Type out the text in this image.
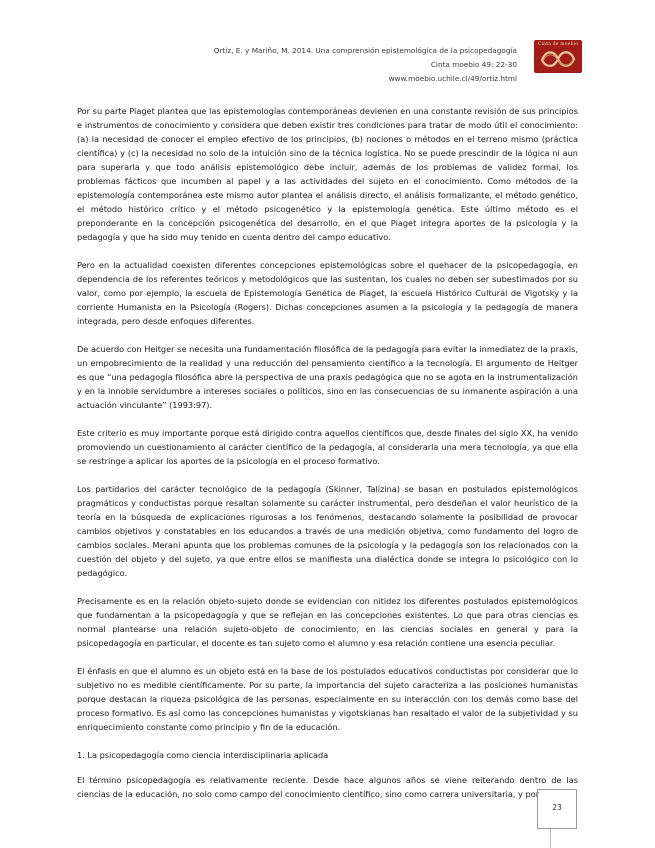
Ortiz, E. y Mariño, M. 2014. Una comprensión epistemológica de la psicopedagogía
Cinta moebio 49: 22-30
www.moebio.uchile.cl/49/ortiz.html
Cinta de moebio

Por su parte Piaget plantea que las epistemologías contemporáneas devienen en una constante revisión de sus principios e instrumentos de conocimiento y considera que deben existir tres condiciones para tratar de modo útil el conocimiento: (a) la necesidad de conocer el empleo efectivo de los principios, (b) nociones o métodos en el terreno mismo (práctica científica) y (c) la necesidad no solo de la intuición sino de la técnica logística. No se puede prescindir de la lógica ni aun para superarla y que todo análisis epistemológico debe incluir, además de los problemas de validez formal, los problemas fácticos que incumben al papel y a las actividades del sujeto en el conocimiento. Como métodos de la epistemología contemporánea este mismo autor plantea el análisis directo, el análisis formalizante, el método genético, el método histórico crítico y el método psicogenético y la epistemología genética. Este último método es el preponderante en la concepción psicogenética del desarrollo, en el que Piaget integra aportes de la psicología y la pedagogía y que ha sido muy tenido en cuenta dentro del campo educativo.

Pero en la actualidad coexisten diferentes concepciones epistemológicas sobre el quehacer de la psicopedagogía, en dependencia de los referentes teóricos y metodológicos que las sustentan, los cuales no deben ser subestimados por su valor, como por ejemplo, la escuela de Epistemología Genética de Piaget, la escuela Histórico Cultural de Vigotsky y la corriente Humanista en la Psicología (Rogers). Dichas concepciones asumen a la psicología y la pedagogía de manera integrada, pero desde enfoques diferentes.

De acuerdo con Heitger se necesita una fundamentación filosófica de la pedagogía para evitar la inmediatez de la praxis, un empobrecimiento de la realidad y una reducción del pensamiento científico a la tecnología. El argumento de Heitger es que “una pedagogía filosófica abre la perspectiva de una praxis pedagógica que no se agota en la instrumentalización y en la innoble servidumbre a intereses sociales o políticos, sino en las consecuencias de su inmanente aspiración a una actuación vinculante” (1993:97).

Este criterio es muy importante porque está dirigido contra aquellos científicos que, desde finales del siglo XX, ha venido promoviendo un cuestionamiento al carácter científico de la pedagogía, al considerarla una mera tecnología, ya que ella se restringe a aplicar los aportes de la psicología en el proceso formativo.

Los partidarios del carácter tecnológico de la pedagogía (Skinner, Talízina) se basan en postulados epistemológicos pragmáticos y conductistas porque resaltan solamente su carácter instrumental, pero desdeñan el valor heurístico de la teoría en la búsqueda de explicaciones rigurosas a los fenómenos, destacando solamente la posibilidad de provocar cambios objetivos y constatables en los educandos a través de una medición objetiva, como fundamento del logro de cambios sociales. Merani apunta que los problemas comunes de la psicología y la pedagogía son los relacionados con la cuestión del objeto y del sujeto, ya que entre ellos se manifiesta una dialéctica donde se integra lo psicológico con lo pedagógico.

Precisamente es en la relación objeto-sujeto donde se evidencian con nitidez los diferentes postulados epistemológicos que fundamentan a la psicopedagogía y que se reflejan en las concepciones existentes. Lo que para otras ciencias es normal plantearse una relación sujeto-objeto de conocimiento, en las ciencias sociales en general y para la psicopedagogía en particular, el docente es tan sujeto como el alumno y esa relación contiene una esencia peculiar.

El énfasis en que el alumno es un objeto está en la base de los postulados educativos conductistas por considerar que lo subjetivo no es medible científicamente. Por su parte, la importancia del sujeto caracteriza a las posiciones humanistas porque destacan la riqueza psicológica de las personas, especialmente en su interacción con los demás como base del proceso formativo. Es así como las concepciones humanistas y vigotskianas han resaltado el valor de la subjetividad y su enriquecimiento constante como principio y fin de la educación.

1. La psicopedagogía como ciencia interdisciplinaria aplicada

El término psicopedagogía es relativamente reciente. Desde hace algunos años se viene reiterando dentro de las ciencias de la educación, no solo como campo del conocimiento científico, sino como carrera universitaria, y por

23
